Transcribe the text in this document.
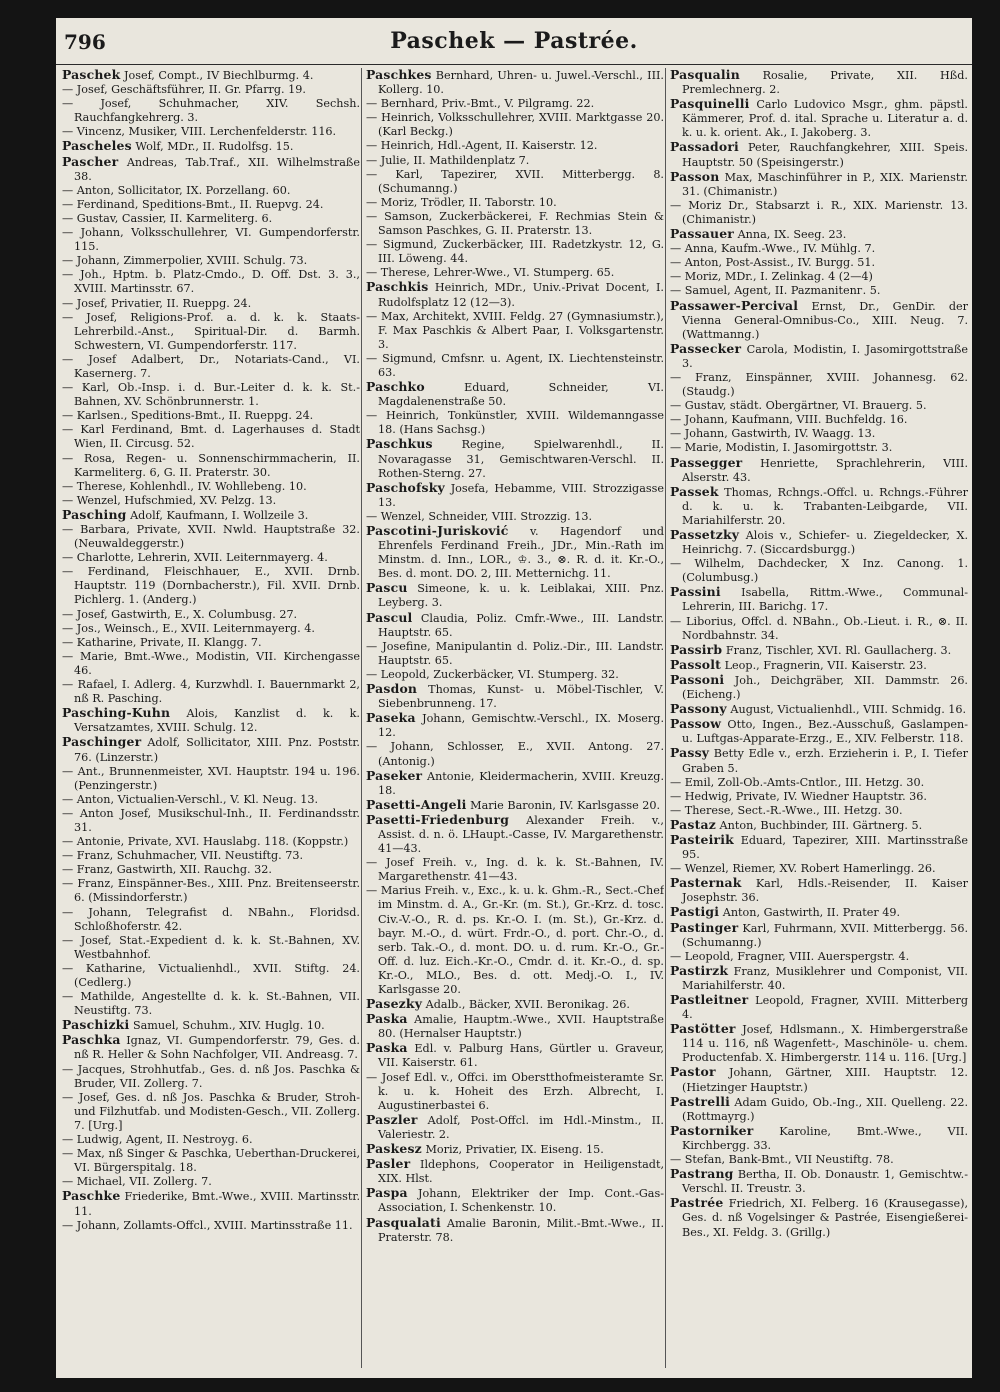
796	Paschek — Pastrée.

Paschek Josef, Compt., IV Biechlburmg. 4.

— Josef, Geschäftsführer, II. Gr. Pfarrg. 19.

— Josef, Schuhmacher, XIV. Sechsh. Rauchfangkehrerg. 3.

— Vincenz, Musiker, VIII. Lerchenfelderstr. 116.

Pascheles Wolf, MDr., II. Rudolfsg. 15.

Pascher Andreas, Tab.Traf., XII. Wilhelmstraße 38.

— Anton, Sollicitator, IX. Porzellang. 60.

— Ferdinand, Speditions-Bmt., II. Ruepvg. 24.

— Gustav, Cassier, II. Karmeliterg. 6.

— Johann, Volksschullehrer, VI. Gumpendorferstr. 115.

— Johann, Zimmerpolier, XVIII. Schulg. 73.

— Joh., Hptm. b. Platz-Cmdo., D. Off. Dst. 3. 3., XVIII. Martinsstr. 67.

— Josef, Privatier, II. Rueppg. 24.

— Josef, Religions-Prof. a. d. k. k. Staats-Lehrerbild.-Anst., Spiritual-Dir. d. Barmh. Schwestern, VI. Gumpendorferstr. 117.

— Josef Adalbert, Dr., Notariats-Cand., VI. Kasernerg. 7.

— Karl, Ob.-Insp. i. d. Bur.-Leiter d. k. k. St.-Bahnen, XV. Schönbrunnerstr. 1.

— Karlsen., Speditions-Bmt., II. Rueppg. 24.

— Karl Ferdinand, Bmt. d. Lagerhauses d. Stadt Wien, II. Circusg. 52.

— Rosa, Regen- u. Sonnenschirmmacherin, II. Karmeliterg. 6, G. II. Praterstr. 30.

— Therese, Kohlenhdl., IV. Wohllebeng. 10.

— Wenzel, Hufschmied, XV. Pelzg. 13.

Pasching Adolf, Kaufmann, I. Wollzeile 3.

— Barbara, Private, XVII. Nwld. Hauptstraße 32. (Neuwaldeggerstr.)

— Charlotte, Lehrerin, XVII. Leiternmayerg. 4.

— Ferdinand, Fleischhauer, E., XVII. Drnb. Hauptstr. 119 (Dornbacherstr.), Fil. XVII. Drnb. Pichlerg. 1. (Anderg.)

— Josef, Gastwirth, E., X. Columbusg. 27.

— Jos., Weinsch., E., XVII. Leiternmayerg. 4.

— Katharine, Private, II. Klangg. 7.

— Marie, Bmt.-Wwe., Modistin, VII. Kirchengasse 46.

— Rafael, I. Adlerg. 4, Kurzwhdl. I. Bauernmarkt 2, nß R. Pasching.

Pasching-Kuhn Alois, Kanzlist d. k. k. Versatzamtes, XVIII. Schulg. 12.

Paschinger Adolf, Sollicitator, XIII. Pnz. Poststr. 76. (Linzerstr.)

— Ant., Brunnenmeister, XVI. Hauptstr. 194 u. 196. (Penzingerstr.)

— Anton, Victualien-Verschl., V. Kl. Neug. 13.

— Anton Josef, Musikschul-Inh., II. Ferdinandsstr. 31.

— Antonie, Private, XVI. Hauslabg. 118. (Koppstr.)

— Franz, Schuhmacher, VII. Neustiftg. 73.

— Franz, Gastwirth, XII. Rauchg. 32.

— Franz, Einspänner-Bes., XIII. Pnz. Breitenseerstr. 6. (Missindorferstr.)

— Johann, Telegrafist d. NBahn., Floridsd. Schloßhoferstr. 42.

— Josef, Stat.-Expedient d. k. k. St.-Bahnen, XV. Westbahnhof.

— Katharine, Victualienhdl., XVII. Stiftg. 24. (Cedlerg.)

— Mathilde, Angestellte d. k. k. St.-Bahnen, VII. Neustiftg. 73.

Paschizki Samuel, Schuhm., XIV. Huglg. 10.

Paschka Ignaz, VI. Gumpendorferstr. 79, Ges. d. nß R. Heller & Sohn Nachfolger, VII. Andreasg. 7.

— Jacques, Strohhutfab., Ges. d. nß Jos. Paschka & Bruder, VII. Zollerg. 7.

— Josef, Ges. d. nß Jos. Paschka & Bruder, Stroh- und Filzhutfab. und Modisten-Gesch., VII. Zollerg. 7. [Urg.]

— Ludwig, Agent, II. Nestroyg. 6.

— Max, nß Singer & Paschka, Ueberthan-Druckerei, VI. Bürgerspitalg. 18.

— Michael, VII. Zollerg. 7.

Paschke Friederike, Bmt.-Wwe., XVIII. Martinsstr. 11.

— Johann, Zollamts-Offcl., XVIII. Martinsstraße 11.

Paschkes Bernhard, Uhren- u. Juwel.-Verschl., III. Kollerg. 10.

— Bernhard, Priv.-Bmt., V. Pilgramg. 22.

— Heinrich, Volksschullehrer, XVIII. Marktgasse 20. (Karl Beckg.)

— Heinrich, Hdl.-Agent, II. Kaiserstr. 12.

— Julie, II. Mathildenplatz 7.

— Karl, Tapezirer, XVII. Mitterbergg. 8. (Schumanng.)

— Moriz, Trödler, II. Taborstr. 10.

— Samson, Zuckerbäckerei, F. Rechmias Stein & Samson Paschkes, G. II. Praterstr. 13.

— Sigmund, Zuckerbäcker, III. Radetzkystr. 12, G. III. Löweng. 44.

— Therese, Lehrer-Wwe., VI. Stumperg. 65.

Paschkis Heinrich, MDr., Univ.-Privat Docent, I. Rudolfsplatz 12 (12—3).

— Max, Architekt, XVIII. Feldg. 27 (Gymnasiumstr.), F. Max Paschkis & Albert Paar, I. Volksgartenstr. 3.

— Sigmund, Cmfsnr. u. Agent, IX. Liechtensteinstr. 63.

Paschko	Eduard, Schneider, VI. Magdalenenstraße 50.

— Heinrich, Tonkünstler, XVIII. Wildemanngasse 18. (Hans Sachsg.)

Paschkus	Regine, Spielwarenhdl., II. Novaragasse 31, Gemischtwaren-Verschl. II. Rothen-Sterng. 27.

Paschofsky Josefa, Hebamme, VIII. Strozzigasse 13.

— Wenzel, Schneider, VIII. Strozzig. 13.

Pascotini-Jurisković v. Hagendorf und Ehrenfels Ferdinand Freih., JDr., Min.-Rath im Minstm. d. Inn., LOR., ♔. 3., ⊗. R. d. it. Kr.-O., Bes. d. mont. DO. 2, III. Metternichg. 11.

Pascu Simeone, k. u. k. Leiblakai, XIII. Pnz. Leyberg. 3.

Pascul Claudia, Poliz. Cmfr.-Wwe., III. Landstr. Hauptstr. 65.

— Josefine, Manipulantin d. Poliz.-Dir., III. Landstr. Hauptstr. 65.

— Leopold, Zuckerbäcker, VI. Stumperg. 32.

Pasdon Thomas, Kunst- u. Möbel-Tischler, V. Siebenbrunneng. 17.

Paseka Johann, Gemischtw.-Verschl., IX. Moserg. 12.

— Johann, Schlosser, E., XVII. Antong. 27. (Antonig.)

Paseker Antonie, Kleidermacherin, XVIII. Kreuzg. 18.

Pasetti-Angeli Marie Baronin, IV. Karlsgasse 20.

Pasetti-Friedenburg Alexander Freih. v., Assist. d. n. ö. LHaupt.-Casse, IV. Margarethenstr. 41—43.

— Josef Freih. v., Ing. d. k. k. St.-Bahnen, IV. Margarethenstr. 41—43.

— Marius Freih. v., Exc., k. u. k. Ghm.-R., Sect.-Chef im Minstm. d. A., Gr.-Kr. (m. St.), Gr.-Krz. d. tosc. Civ.-V.-O., R. d. ps. Kr.-O. I. (m. St.), Gr.-Krz. d. bayr. M.-O., d. würt. Frdr.-O., d. port. Chr.-O., d. serb. Tak.-O., d. mont. DO. u. d. rum. Kr.-O., Gr.-Off. d. luz. Eich.-Kr.-O., Cmdr. d. it. Kr.-O., d. sp. Kr.-O., MLO., Bes. d. ott. Medj.-O. I., IV. Karlsgasse 20.

Pasezky Adalb., Bäcker, XVII. Beronikag. 26.

Paska Amalie, Hauptm.-Wwe., XVII. Hauptstraße 80. (Hernalser Hauptstr.)

Paska Edl. v. Palburg Hans, Gürtler u. Graveur, VII. Kaiserstr. 61.

— Josef Edl. v., Offci. im Oberstthofmeisteramte Sr. k. u. k. Hoheit des Erzh. Albrecht, I. Augustinerbastei 6.

Paszler Adolf, Post-Offcl. im Hdl.-Minstm., II. Valeriestr. 2.

Paskesz Moriz, Privatier, IX. Eiseng. 15.

Pasler Ildephons, Cooperator in Heiligenstadt, XIX. Hlst.

Paspa Johann, Elektriker der Imp. Cont.-Gas-Association, I. Schenkenstr. 10.

Pasqualati Amalie Baronin, Milit.-Bmt.-Wwe., II. Praterstr. 78.

Pasqualin Rosalie, Private, XII. Hßd. Premlechnerg. 2.

Pasquinelli Carlo Ludovico Msgr., ghm. päpstl. Kämmerer, Prof. d. ital. Sprache u. Literatur a. d. k. u. k. orient. Ak., I. Jakoberg. 3.

Passadori Peter, Rauchfangkehrer, XIII. Speis. Hauptstr. 50 (Speisingerstr.)

Passon Max, Maschinführer in P., XIX. Marienstr. 31. (Chimanistr.)

— Moriz Dr., Stabsarzt i. R., XIX. Marienstr. 13. (Chimanistr.)

Passauer Anna, IX. Seeg. 23.

— Anna, Kaufm.-Wwe., IV. Mühlg. 7.

— Anton, Post-Assist., IV. Burgg. 51.

— Moriz, MDr., I. Zelinkag. 4 (2—4)

— Samuel, Agent, II. Pazmanitenг. 5.

Passawer-Percival Ernst, Dr., GenDir. der Vienna General-Omnibus-Co., XIII. Neug. 7. (Wattmanng.)

Passecker Carola, Modistin, I. Jasomirgottstraße 3.

— Franz, Einspänner, XVIII. Johannesg. 62. (Staudg.)

— Gustav, städt. Obergärtner, VI. Brauerg. 5.

— Johann, Kaufmann, VIII. Buchfeldg. 16.

— Johann, Gastwirth, IV. Waagg. 13.

— Marie, Modistin, I. Jasomirgottstr. 3.

Passegger Henriette, Sprachlehrerin, VIII. Alserstr. 43.

Passek Thomas, Rchngs.-Offcl. u. Rchngs.-Führer d. k. u. k. Trabanten-Leibgarde, VII. Mariahilferstr. 20.

Passetzky Alois v., Schiefer- u. Ziegeldecker, X. Heinrichg. 7. (Siccardsburgg.)

— Wilhelm, Dachdecker, X Inz. Canong. 1. (Columbusg.)

Passini Isabella, Rittm.-Wwe., Communal-Lehrerin, III. Barichg. 17.

— Liborius, Offcl. d. NBahn., Ob.-Lieut. i. R., ⊗. II. Nordbahnstr. 34.

Passirb Franz, Tischler, XVI. Rl. Gaullacherg. 3.

Passolt Leop., Fragnerin, VII. Kaiserstr. 23.

Passoni Joh., Deichgräber, XII. Dammstr. 26. (Eicheng.)

Passony August, Victualienhdl., VIII. Schmidg. 16.

Passow Otto, Ingen., Bez.-Ausschuß, Gaslampen- u. Luftgas-Apparate-Erzg., E., XIV. Felberstr. 118.

Passy Betty Edle v., erzh. Erzieherin i. P., I. Tiefer Graben 5.

— Emil, Zoll-Ob.-Amts-Cntlor., III. Hetzg. 30.

— Hedwig, Private, IV. Wiedner Hauptstr. 36.

— Therese, Sect.-R.-Wwe., III. Hetzg. 30.

Pastaz Anton, Buchbinder, III. Gärtnerg. 5.

Pasteirik Eduard, Tapezirer, XIII. Martinsstraße 95.

— Wenzel, Riemer, XV. Robert Hamerlingg. 26.

Pasternak Karl, Hdls.-Reisender, II. Kaiser Josephstr. 36.

Pastigi Anton, Gastwirth, II. Prater 49.

Pastinger Karl, Fuhrmann, XVII. Mitterbergg. 56. (Schumanng.)

— Leopold, Fragner, VIII. Auerspergstr. 4.

Pastirzk Franz, Musiklehrer und Componist, VII. Mariahilferstr. 40.

Pastleitner Leopold, Fragner, XVIII. Mitterberg 4.

Pastötter Josef, Hdlsmann., X. Himbergerstraße 114 u. 116, nß Wagenfett-, Maschinöle- u. chem. Productenfab. X. Himbergerstr. 114 u. 116. [Urg.]

Pastor Johann, Gärtner, XIII. Hauptstr. 12. (Hietzinger Hauptstr.)

Pastrelli Adam Guido, Ob.-Ing., XII. Quelleng. 22. (Rottmayrg.)

Pastorniker Karoline, Bmt.-Wwe., VII. Kirchbergg. 33.

— Stefan, Bank-Bmt., VII Neustiftg. 78.

Pastrang Bertha, II. Ob. Donaustr. 1, Gemischtw.-Verschl. II. Treustr. 3.

Pastrée Friedrich, XI. Felberg. 16 (Krausegasse), Ges. d. nß Vogelsinger & Pastrée, Eisengießerei-Bes., XI. Feldg. 3. (Grillg.)
